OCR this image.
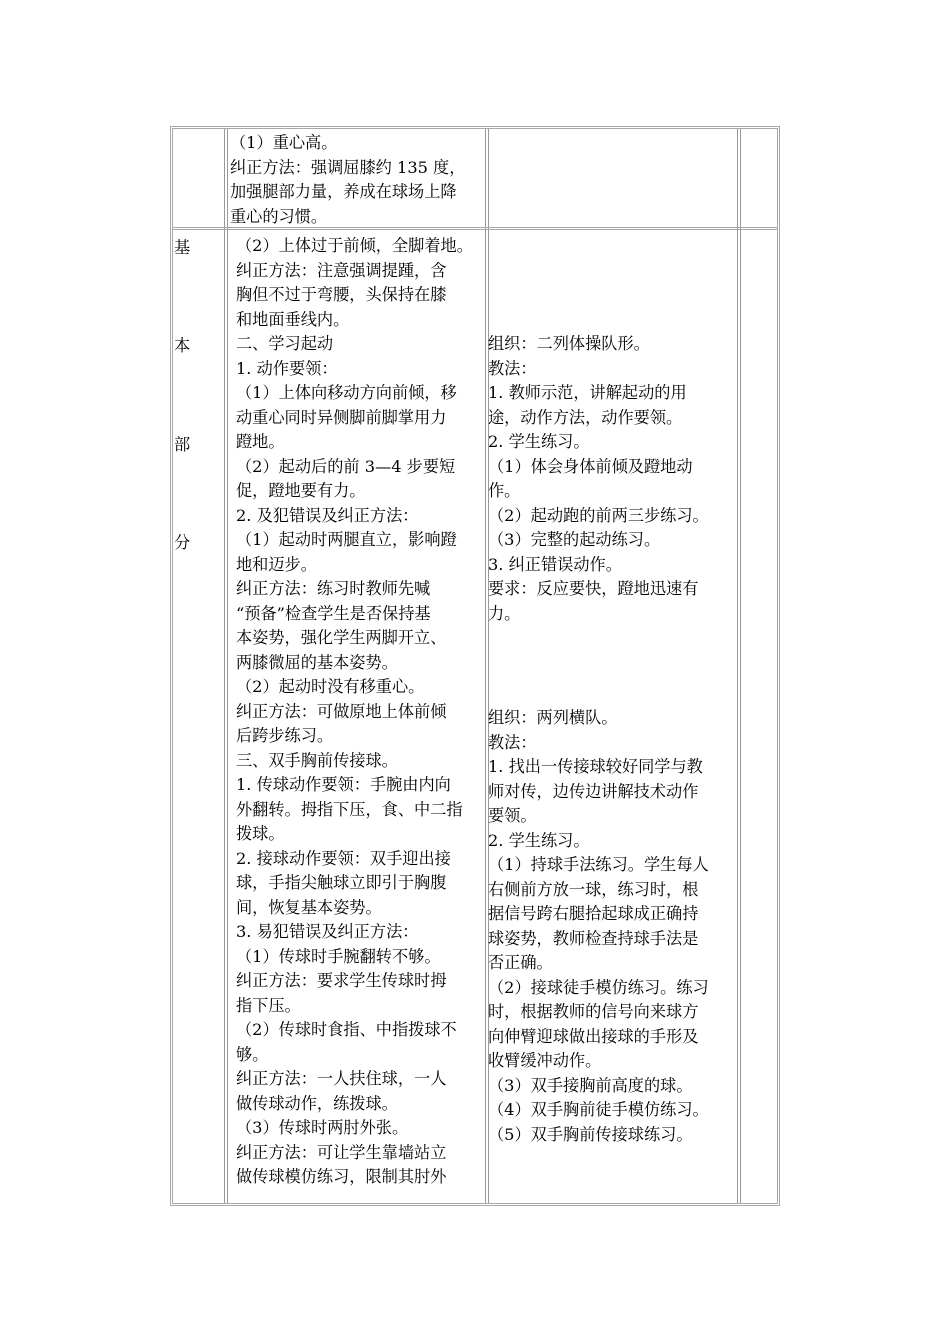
（1）重心高。
纠正方法：强调屈膝约 135 度，
加强腿部力量，养成在球场上降
重心的习惯。
基
本
部
分
（2）上体过于前倾，全脚着地。
纠正方法：注意强调提踵，含
胸但不过于弯腰，头保持在膝
和地面垂线内。
二、学习起动
1. 动作要领：
（1）上体向移动方向前倾，移
动重心同时异侧脚前脚掌用力
蹬地。
（2）起动后的前 3—4 步要短
促，蹬地要有力。
2. 及犯错误及纠正方法：
（1）起动时两腿直立，影响蹬
地和迈步。
纠正方法：练习时教师先喊
“预备”检查学生是否保持基
本姿势，强化学生两脚开立、
两膝微屈的基本姿势。
（2）起动时没有移重心。
纠正方法：可做原地上体前倾
后跨步练习。
三、双手胸前传接球。
1. 传球动作要领：手腕由内向
外翻转。拇指下压，食、中二指
拨球。
2. 接球动作要领：双手迎出接
球，手指尖触球立即引于胸腹
间，恢复基本姿势。
3. 易犯错误及纠正方法：
（1）传球时手腕翻转不够。
纠正方法：要求学生传球时拇
指下压。
（2）传球时食指、中指拨球不
够。
纠正方法：一人扶住球，一人
做传球动作，练拨球。
（3）传球时两肘外张。
纠正方法：可让学生靠墙站立
做传球模仿练习，限制其肘外
组织：二列体操队形。
教法：
1. 教师示范，讲解起动的用
途，动作方法，动作要领。
2. 学生练习。
（1）体会身体前倾及蹬地动
作。
（2）起动跑的前两三步练习。
（3）完整的起动练习。
3. 纠正错误动作。
要求：反应要快，蹬地迅速有
力。
组织：两列横队。
教法：
1. 找出一传接球较好同学与教
师对传，边传边讲解技术动作
要领。
2. 学生练习。
（1）持球手法练习。学生每人
右侧前方放一球，练习时，根
据信号跨右腿拾起球成正确持
球姿势，教师检查持球手法是
否正确。
（2）接球徒手模仿练习。练习
时，根据教师的信号向来球方
向伸臂迎球做出接球的手形及
收臂缓冲动作。
（3）双手接胸前高度的球。
（4）双手胸前徒手模仿练习。
（5）双手胸前传接球练习。
